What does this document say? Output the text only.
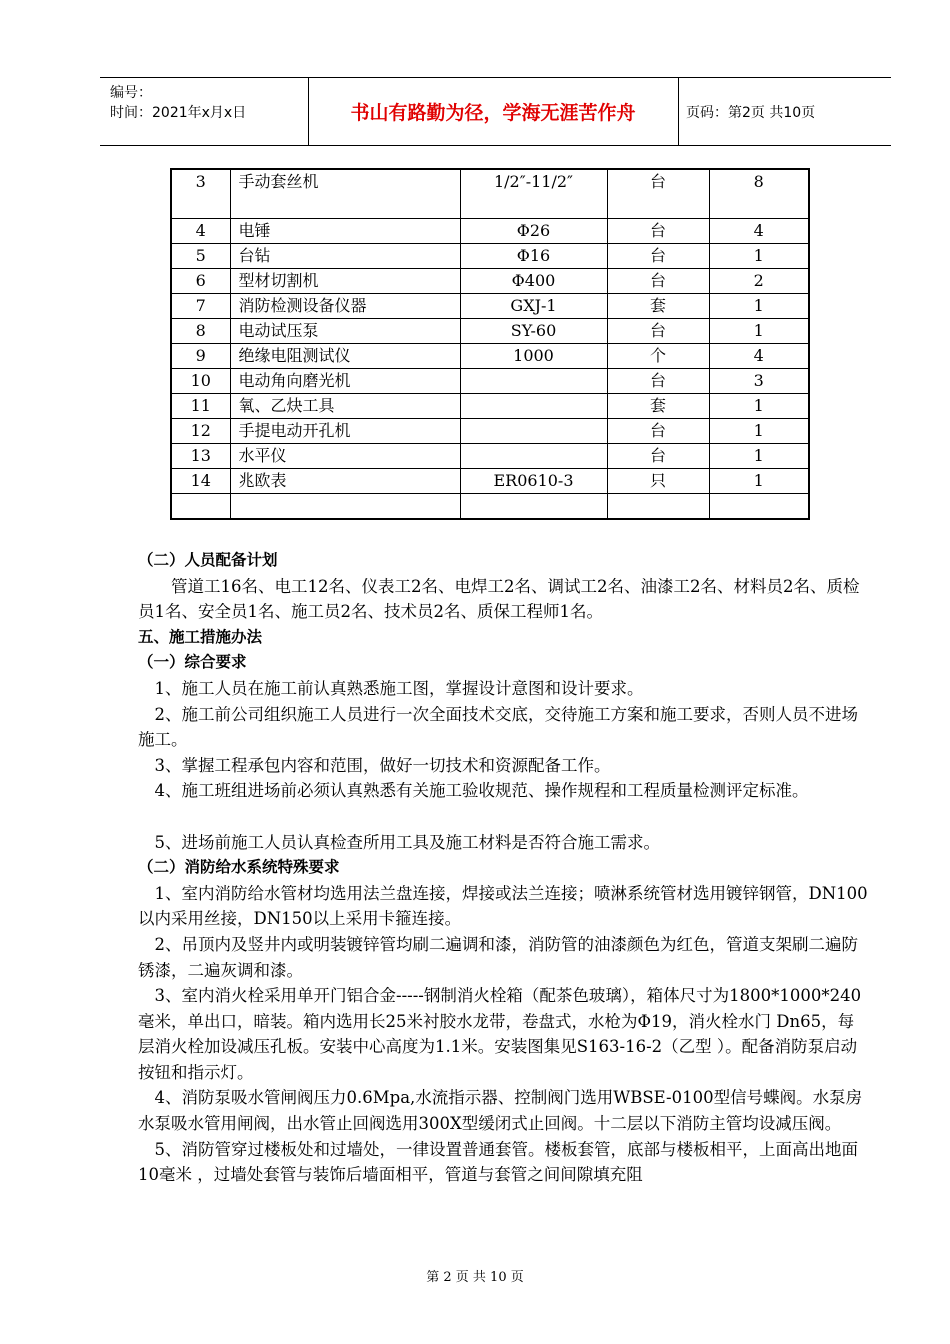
编号：
时间：2021年x月x日	书山有路勤为径，学海无涯苦作舟	页码：第2页 共10页
3	手动套丝机	1/2″-11/2″	台	8
4	电锤	Φ26	台	4
5	台钻	Φ16	台	1
6	型材切割机	Φ400	台	2
7	消防检测设备仪器	GXJ-1	套	1
8	电动试压泵	SY-60	台	1
9	绝缘电阻测试仪	1000	个	4
10	电动角向磨光机		台	3
11	氧、乙炔工具		套	1
12	手提电动开孔机		台	1
13	水平仪		台	1
14	兆欧表	ER0610-3	只	1

（二）人员配备计划

管道工16名、电工12名、仪表工2名、电焊工2名、调试工2名、油漆工2名、材料员2名、质检员1名、安全员1名、施工员2名、技术员2名、质保工程师1名。

五、施工措施办法

（一）综合要求

1、施工人员在施工前认真熟悉施工图，掌握设计意图和设计要求。

2、施工前公司组织施工人员进行一次全面技术交底，交待施工方案和施工要求，否则人员不进场施工。

3、掌握工程承包内容和范围，做好一切技术和资源配备工作。

4、施工班组进场前必须认真熟悉有关施工验收规范、操作规程和工程质量检测评定标准。

5、进场前施工人员认真检查所用工具及施工材料是否符合施工需求。

（二）消防给水系统特殊要求

1、室内消防给水管材均选用法兰盘连接，焊接或法兰连接；喷淋系统管材选用镀锌钢管，DN100以内采用丝接，DN150以上采用卡箍连接。

2、吊顶内及竖井内或明装镀锌管均刷二遍调和漆，消防管的油漆颜色为红色，管道支架刷二遍防锈漆，二遍灰调和漆。

3、室内消火栓采用单开门铝合金-----钢制消火栓箱（配茶色玻璃），箱体尺寸为1800*1000*240毫米，单出口，暗装。箱内选用长25米衬胶水龙带，卷盘式，水枪为Φ19，消火栓水门 Dn65，每层消火栓加设减压孔板。安装中心高度为1.1米。安装图集见S163-16-2（乙型 ）。配备消防泵启动按钮和指示灯。

4、消防泵吸水管闸阀压力0.6Mpa,水流指示器、控制阀门选用WBSE-0100型信号蝶阀。水泵房水泵吸水管用闸阀，出水管止回阀选用300X型缓闭式止回阀。十二层以下消防主管均设减压阀。

5、消防管穿过楼板处和过墙处，一律设置普通套管。楼板套管，底部与楼板相平，上面高出地面10毫米 ，过墙处套管与装饰后墙面相平，管道与套管之间间隙填充阻

第 2 页 共 10 页
